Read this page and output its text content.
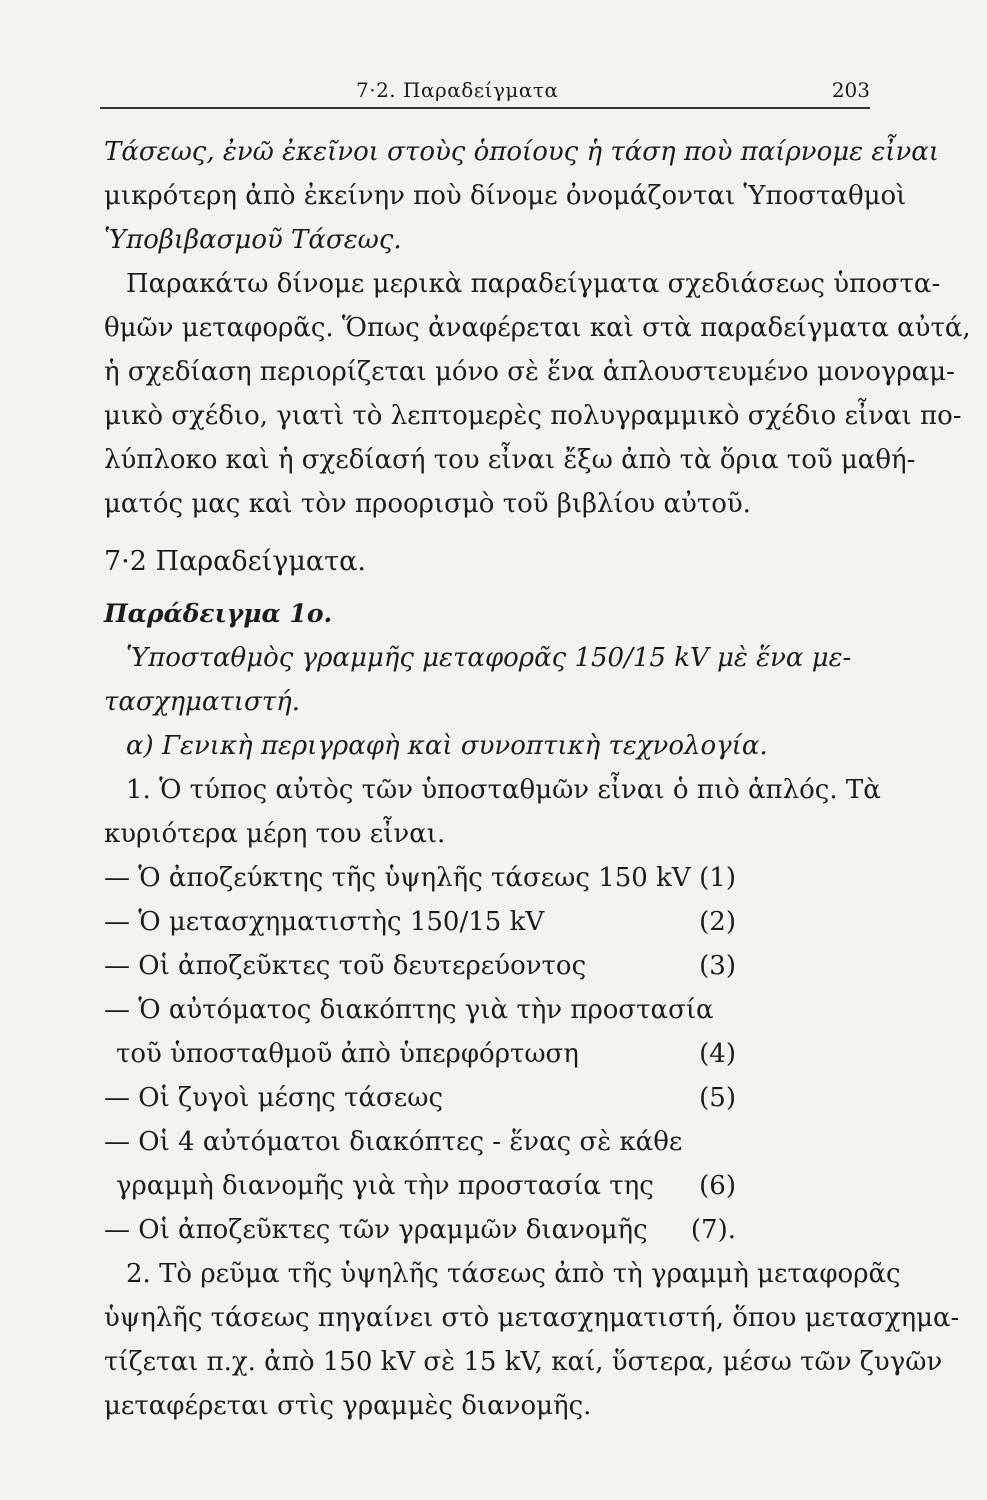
7·2. Παραδείγματα	203
Τάσεως, ἐνῶ ἐκεῖνοι στοὺς ὁποίους ἡ τάση ποὺ παίρνομε εἶναι
μικρότερη ἀπὸ ἐκείνην ποὺ δίνομε ὀνομάζονται Ὑποσταθμοὶ
Ὑποβιβασμοῦ Τάσεως.
Παρακάτω δίνομε μερικὰ παραδείγματα σχεδιάσεως ὑποστα-
θμῶν μεταφορᾶς. Ὅπως ἀναφέρεται καὶ στὰ παραδείγματα αὐτά,
ἡ σχεδίαση περιορίζεται μόνο σὲ ἕνα ἁπλουστευμένο μονογραμ-
μικὸ σχέδιο, γιατὶ τὸ λεπτομερὲς πολυγραμμικὸ σχέδιο εἶναι πο-
λύπλοκο καὶ ἡ σχεδίασή του εἶναι ἔξω ἀπὸ τὰ ὅρια τοῦ μαθή-
ματός μας καὶ τὸν προορισμὸ τοῦ βιβλίου αὐτοῦ.
7·2 Παραδείγματα.
Παράδειγμα 1ο.
Ὑποσταθμὸς γραμμῆς μεταφορᾶς 150/15 kV μὲ ἕνα με-
τασχηματιστή.
α) Γενικὴ περιγραφὴ καὶ συνοπτικὴ τεχνολογία.
1. Ὁ τύπος αὐτὸς τῶν ὑποσταθμῶν εἶναι ὁ πιὸ ἁπλός. Τὰ
κυριότερα μέρη του εἶναι.
— Ὁ ἀποζεύκτης τῆς ὑψηλῆς τάσεως 150 kV (1)
— Ὁ μετασχηματιστὴς 150/15 kV	(2)
— Οἱ ἀποζεῦκτες τοῦ δευτερεύοντος	(3)
— Ὁ αὐτόματος διακόπτης γιὰ τὴν προστασία
τοῦ ὑποσταθμοῦ ἀπὸ ὑπερφόρτωση	(4)
— Οἱ ζυγοὶ μέσης τάσεως	(5)
— Οἱ 4 αὐτόματοι διακόπτες - ἕνας σὲ κάθε
γραμμὴ διανομῆς γιὰ τὴν προστασία της (6)
— Οἱ ἀποζεῦκτες τῶν γραμμῶν διανομῆς (7).
2. Τὸ ρεῦμα τῆς ὑψηλῆς τάσεως ἀπὸ τὴ γραμμὴ μεταφορᾶς
ὑψηλῆς τάσεως πηγαίνει στὸ μετασχηματιστή, ὅπου μετασχημα-
τίζεται π.χ. ἀπὸ 150 kV σὲ 15 kV, καί, ὕστερα, μέσω τῶν ζυγῶν
μεταφέρεται στὶς γραμμὲς διανομῆς.
